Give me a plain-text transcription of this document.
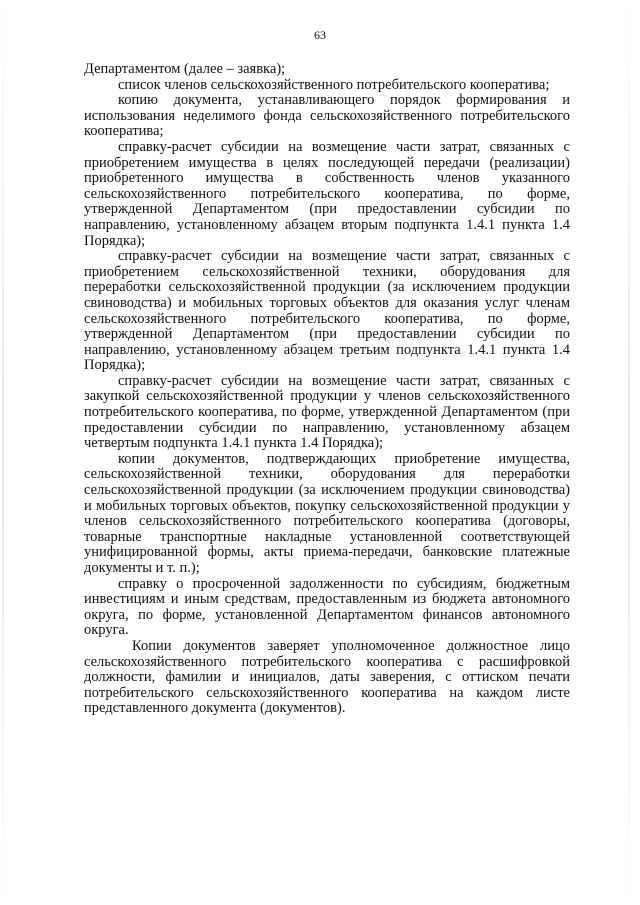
63

Департаментом (далее – заявка);

список членов сельскохозяйственного потребительского кооператива;

копию документа, устанавливающего порядок формирования и использования неделимого фонда сельскохозяйственного потребительского кооператива;

справку-расчет субсидии на возмещение части затрат, связанных с приобретением имущества в целях последующей передачи (реализации) приобретенного имущества в собственность членов указанного сельскохозяйственного потребительского кооператива, по форме, утвержденной Департаментом (при предоставлении субсидии по направлению, установленному абзацем вторым подпункта 1.4.1 пункта 1.4 Порядка);

справку-расчет субсидии на возмещение части затрат, связанных с приобретением сельскохозяйственной техники, оборудования для переработки сельскохозяйственной продукции (за исключением продукции свиноводства) и мобильных торговых объектов для оказания услуг членам сельскохозяйственного потребительского кооператива, по форме, утвержденной Департаментом (при предоставлении субсидии по направлению, установленному абзацем третьим подпункта 1.4.1 пункта 1.4 Порядка);

справку-расчет субсидии на возмещение части затрат, связанных с закупкой сельскохозяйственной продукции у членов сельскохозяйственного потребительского кооператива, по форме, утвержденной Департаментом (при предоставлении субсидии по направлению, установленному абзацем четвертым подпункта 1.4.1 пункта 1.4 Порядка);

копии документов, подтверждающих приобретение имущества, сельскохозяйственной техники, оборудования для переработки сельскохозяйственной продукции (за исключением продукции свиноводства) и мобильных торговых объектов, покупку сельскохозяйственной продукции у членов сельскохозяйственного потребительского кооператива (договоры, товарные транспортные накладные установленной соответствующей унифицированной формы, акты приема-передачи, банковские платежные документы и т. п.);

справку о просроченной задолженности по субсидиям, бюджетным инвестициям и иным средствам, предоставленным из бюджета автономного округа, по форме, установленной Департаментом финансов автономного округа.

Копии документов заверяет уполномоченное должностное лицо сельскохозяйственного потребительского кооператива с расшифровкой должности, фамилии и инициалов, даты заверения, с оттиском печати потребительского сельскохозяйственного кооператива на каждом листе представленного документа (документов).
